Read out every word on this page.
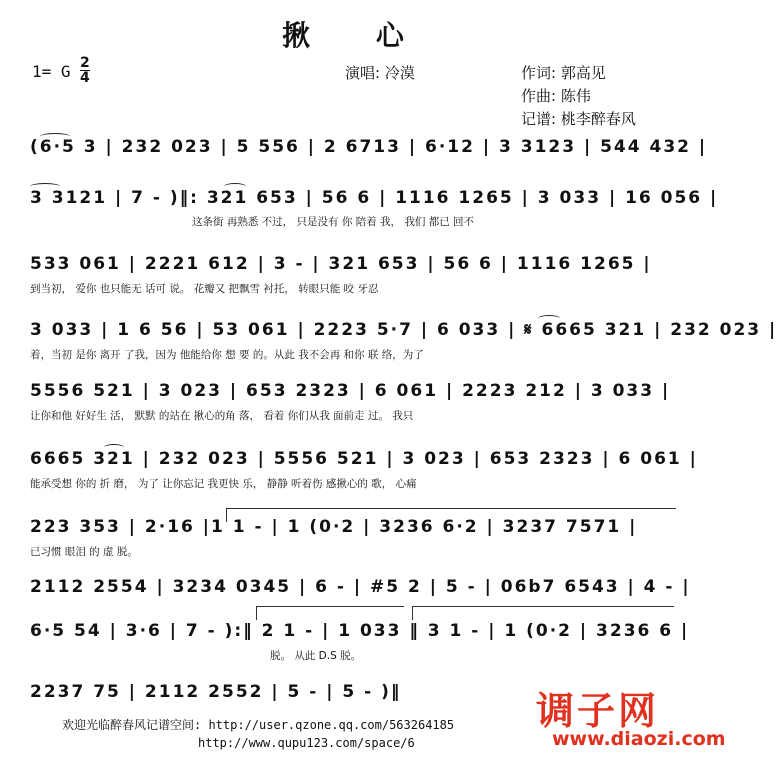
揪 心
1= G $\frac{2}{4}$	演唱: 冷漠	作词: 郭高见
作曲: 陈伟
记谱: 桃李醉春风
(6·5 3 | 232 023 | 5 556 | 2 6713 | 6·12 | 3 3123 | 544 432 |
3 3121 | 7 - )‖: 321 653 | 56 6 | 1116 1265 | 3 033 | 16 056 |
这条街 再熟悉 不过， 只是没有 你 陪着 我， 我们 都已 回不
533 061 | 2221 612 | 3 - | 321 653 | 56 6 | 1116 1265 |
到当初， 爱你 也只能无 话可 说。 花瓣又 把飘雪 衬托， 转眼只能 咬 牙忍
3 033 | 1 6 56 | 53 061 | 2223 5·7 | 6 033 | 𝄋 6665 321 | 232 023 |
着，当初 是你 离开 了我，因为 他能给你 想 要 的。从此 我不会再 和你 联 络，为了
5556 521 | 3 023 | 653 2323 | 6 061 | 2223 212 | 3 033 |
让你和他 好好生 活， 默默 的站在 揪心的角 落， 看着 你们从我 面前走 过。 我只
6665 321 | 232 023 | 5556 521 | 3 023 | 653 2323 | 6 061 |
能承受想 你的 折 磨， 为了 让你忘记 我更快 乐， 静静 听着伤 感揪心的 歌， 心痛
223 353 | 2·16 |1 1 - | 1 (0·2 | 3236 6·2 | 3237 7571 |
已习惯 眼泪 的 虚 脱。
2112 2554 | 3234 0345 | 6 - | #5 2 | 5 - | 06b7 6543 | 4 - |
6·5 54 | 3·6 | 7 - ):‖ 2 1 - | 1 033 ‖ 3 1 - | 1 (0·2 | 3236 6 |
脱。 从此 D.S 脱。
2237 75 | 2112 2552 | 5 - | 5 - )‖
欢迎光临醉春风记谱空间: http://user.qzone.qq.com/563264185
http://www.qupu123.com/space/6
调子网
www.diaozi.com
